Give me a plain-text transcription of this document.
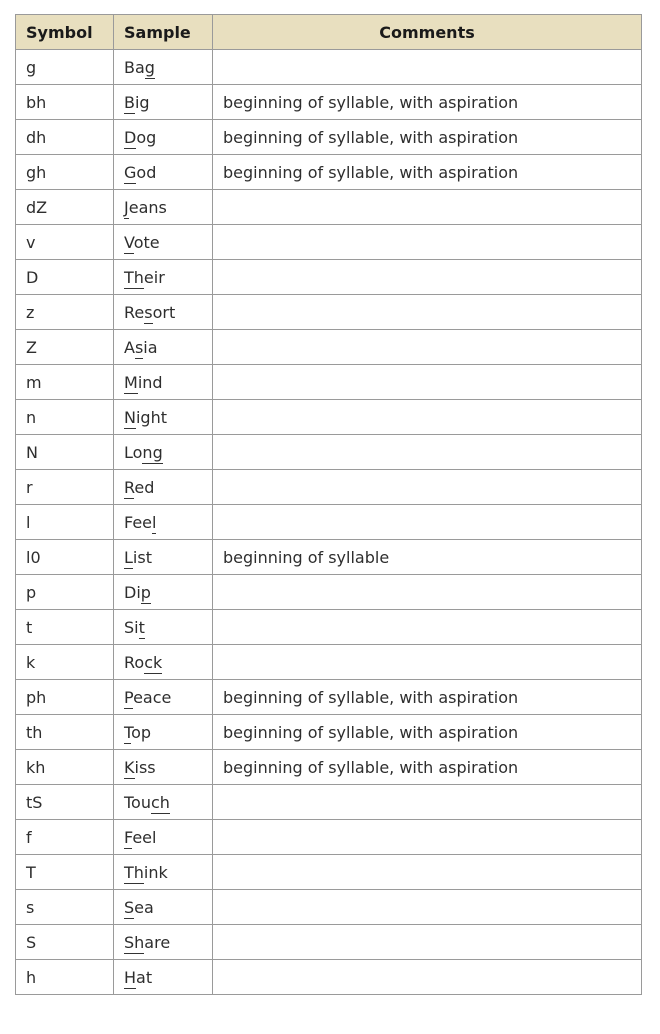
Symbol	Sample	Comments
g	Bag	
bh	Big	beginning of syllable, with aspiration
dh	Dog	beginning of syllable, with aspiration
gh	God	beginning of syllable, with aspiration
dZ	Jeans	
v	Vote	
D	Their	
z	Resort	
Z	Asia	
m	Mind	
n	Night	
N	Long	
r	Red	
l	Feel	
l0	List	beginning of syllable
p	Dip	
t	Sit	
k	Rock	
ph	Peace	beginning of syllable, with aspiration
th	Top	beginning of syllable, with aspiration
kh	Kiss	beginning of syllable, with aspiration
tS	Touch	
f	Feel	
T	Think	
s	Sea	
S	Share	
h	Hat	
